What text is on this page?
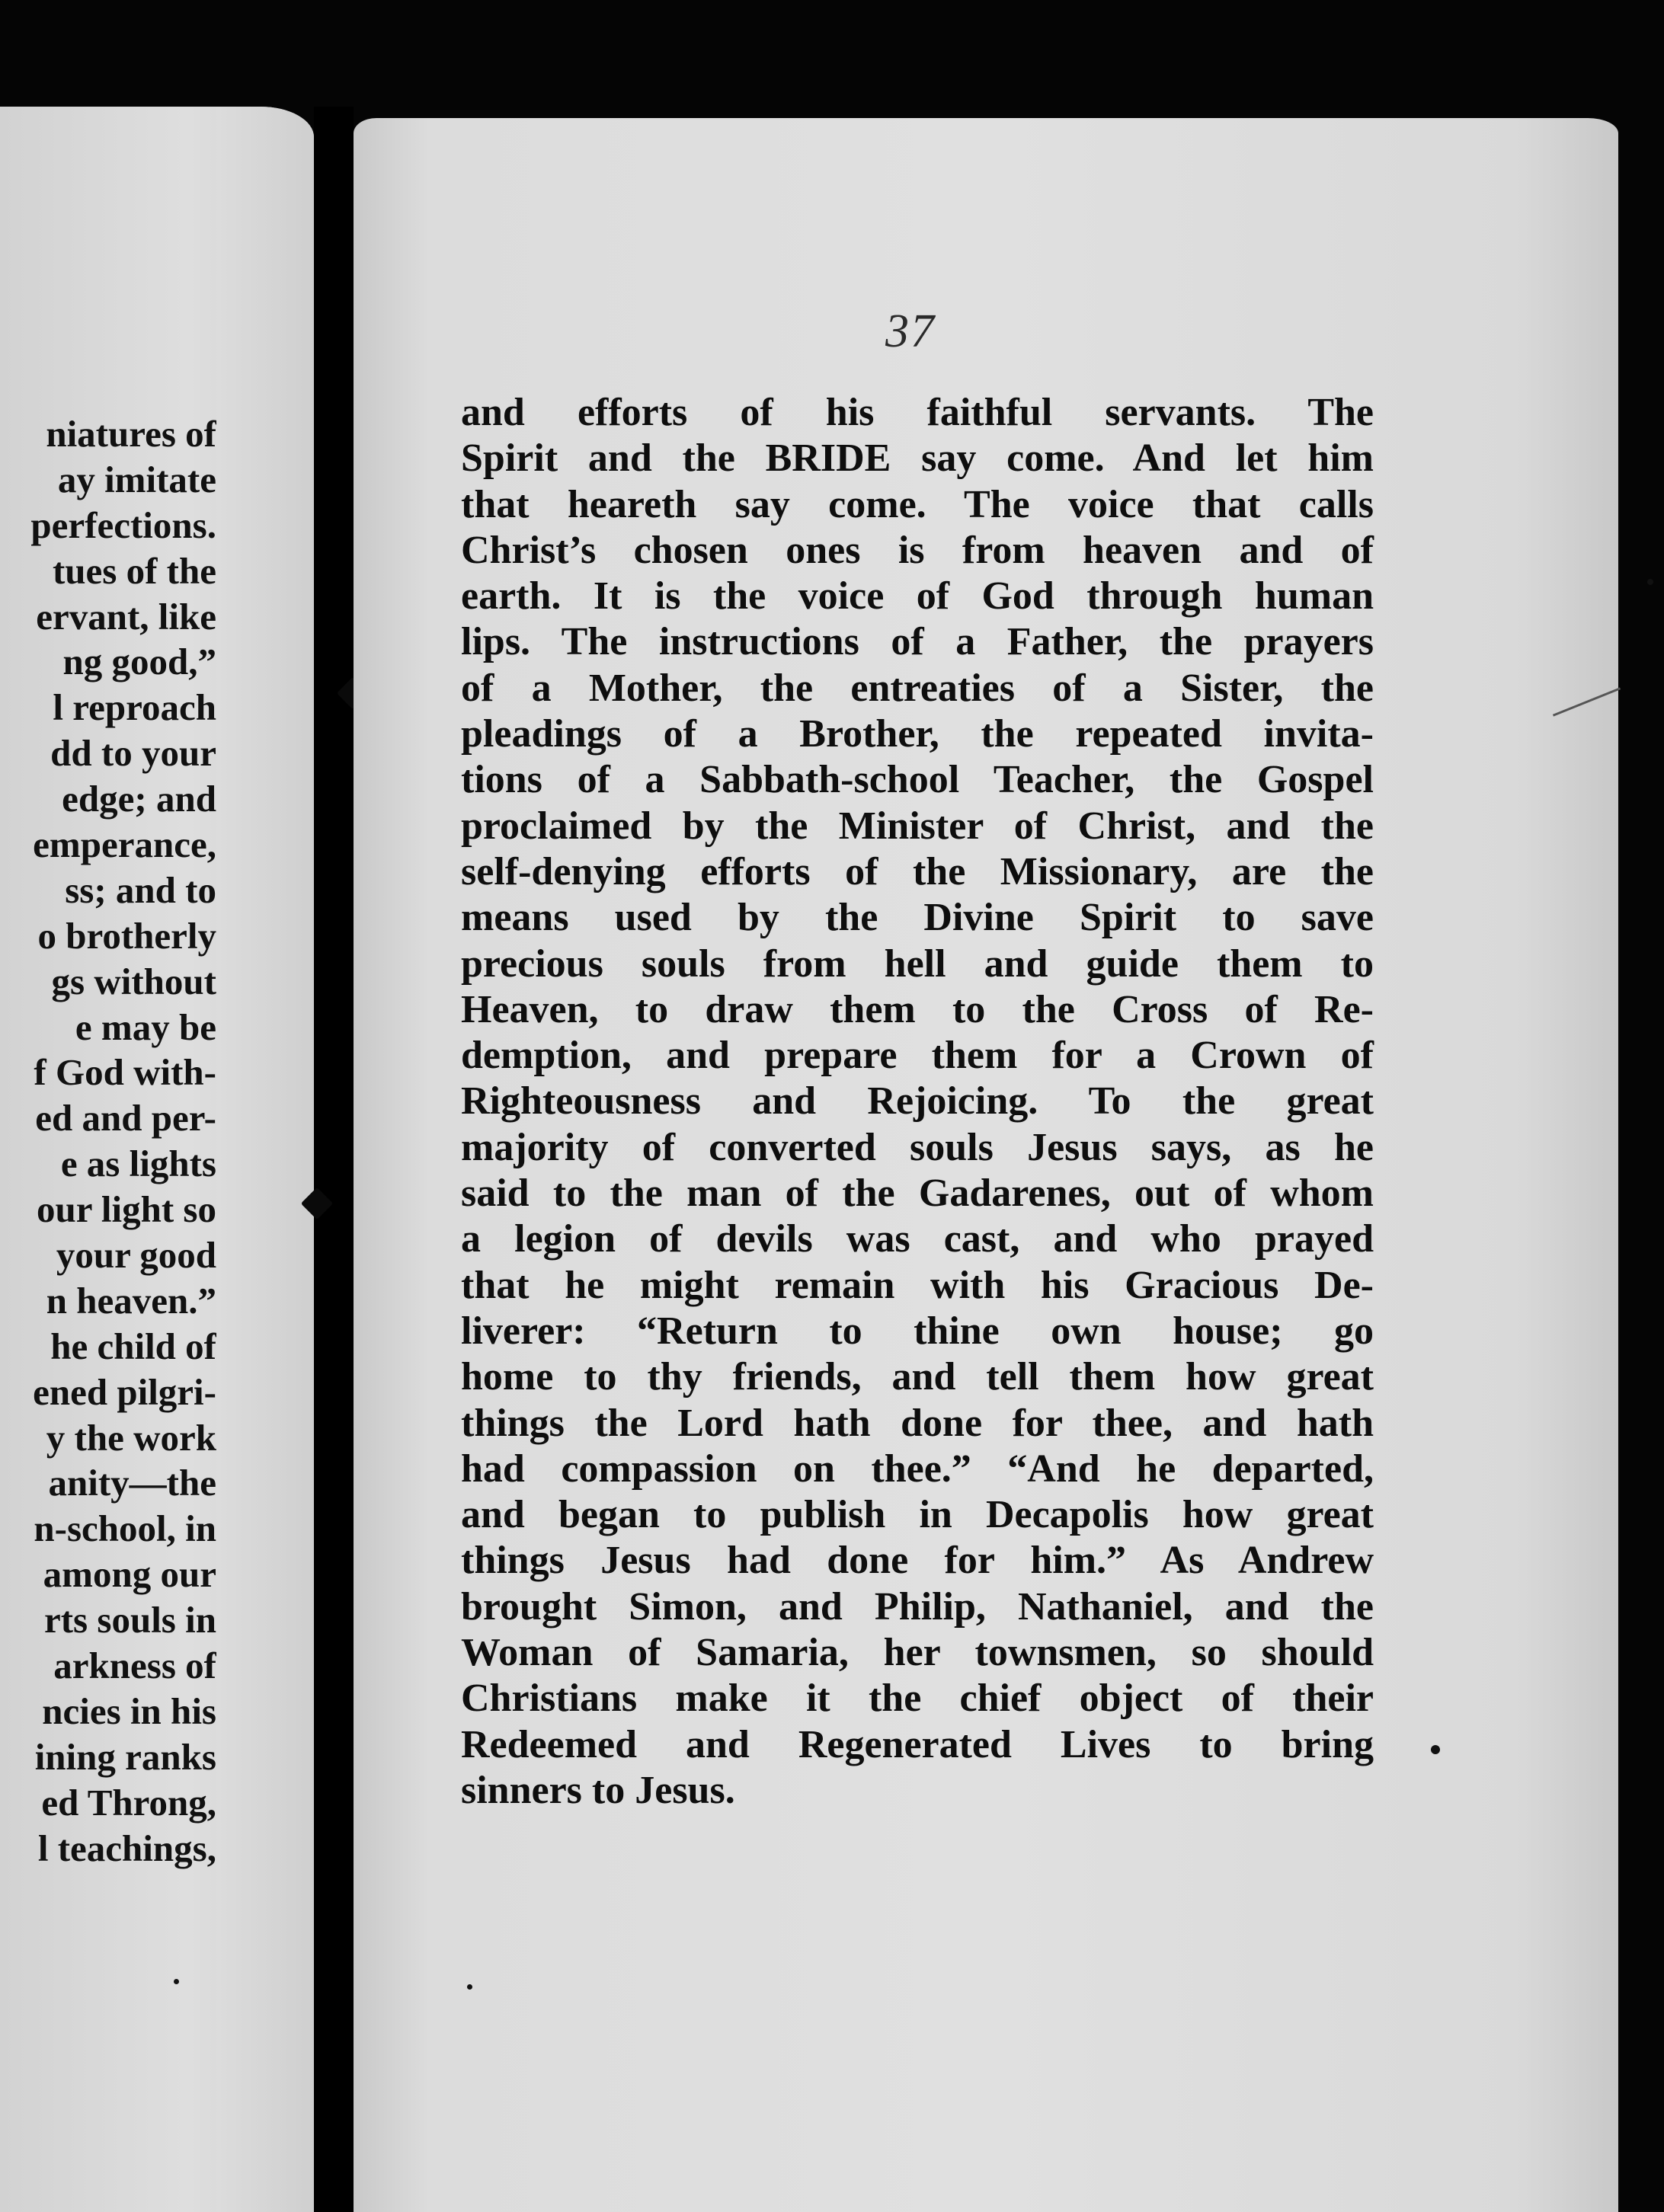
niatures of
ay imitate
perfections.
tues of the
ervant, like
ng good,”
l reproach
dd to your
edge; and
emperance,
ss; and to
o brotherly
gs without
e may be
f God with-
ed and per-
e as lights
our light so
your good
n heaven.”
he child of
ened pilgri-
y the work
anity—the
n-school, in
among our
rts souls in
arkness of
ncies in his
ining ranks
ed Throng,
l teachings,
37
and efforts of his faithful servants. The
Spirit and the BRIDE say come. And let him
that heareth say come. The voice that calls
Christ’s chosen ones is from heaven and of
earth. It is the voice of God through human
lips. The instructions of a Father, the prayers
of a Mother, the entreaties of a Sister, the
pleadings of a Brother, the repeated invita-
tions of a Sabbath-school Teacher, the Gospel
proclaimed by the Minister of Christ, and the
self-denying efforts of the Missionary, are the
means used by the Divine Spirit to save
precious souls from hell and guide them to
Heaven, to draw them to the Cross of Re-
demption, and prepare them for a Crown of
Righteousness and Rejoicing. To the great
majority of converted souls Jesus says, as he
said to the man of the Gadarenes, out of whom
a legion of devils was cast, and who prayed
that he might remain with his Gracious De-
liverer: “Return to thine own house; go
home to thy friends, and tell them how great
things the Lord hath done for thee, and hath
had compassion on thee.” “And he departed,
and began to publish in Decapolis how great
things Jesus had done for him.” As Andrew
brought Simon, and Philip, Nathaniel, and the
Woman of Samaria, her townsmen, so should
Christians make it the chief object of their
Redeemed and Regenerated Lives to bring
sinners to Jesus.
